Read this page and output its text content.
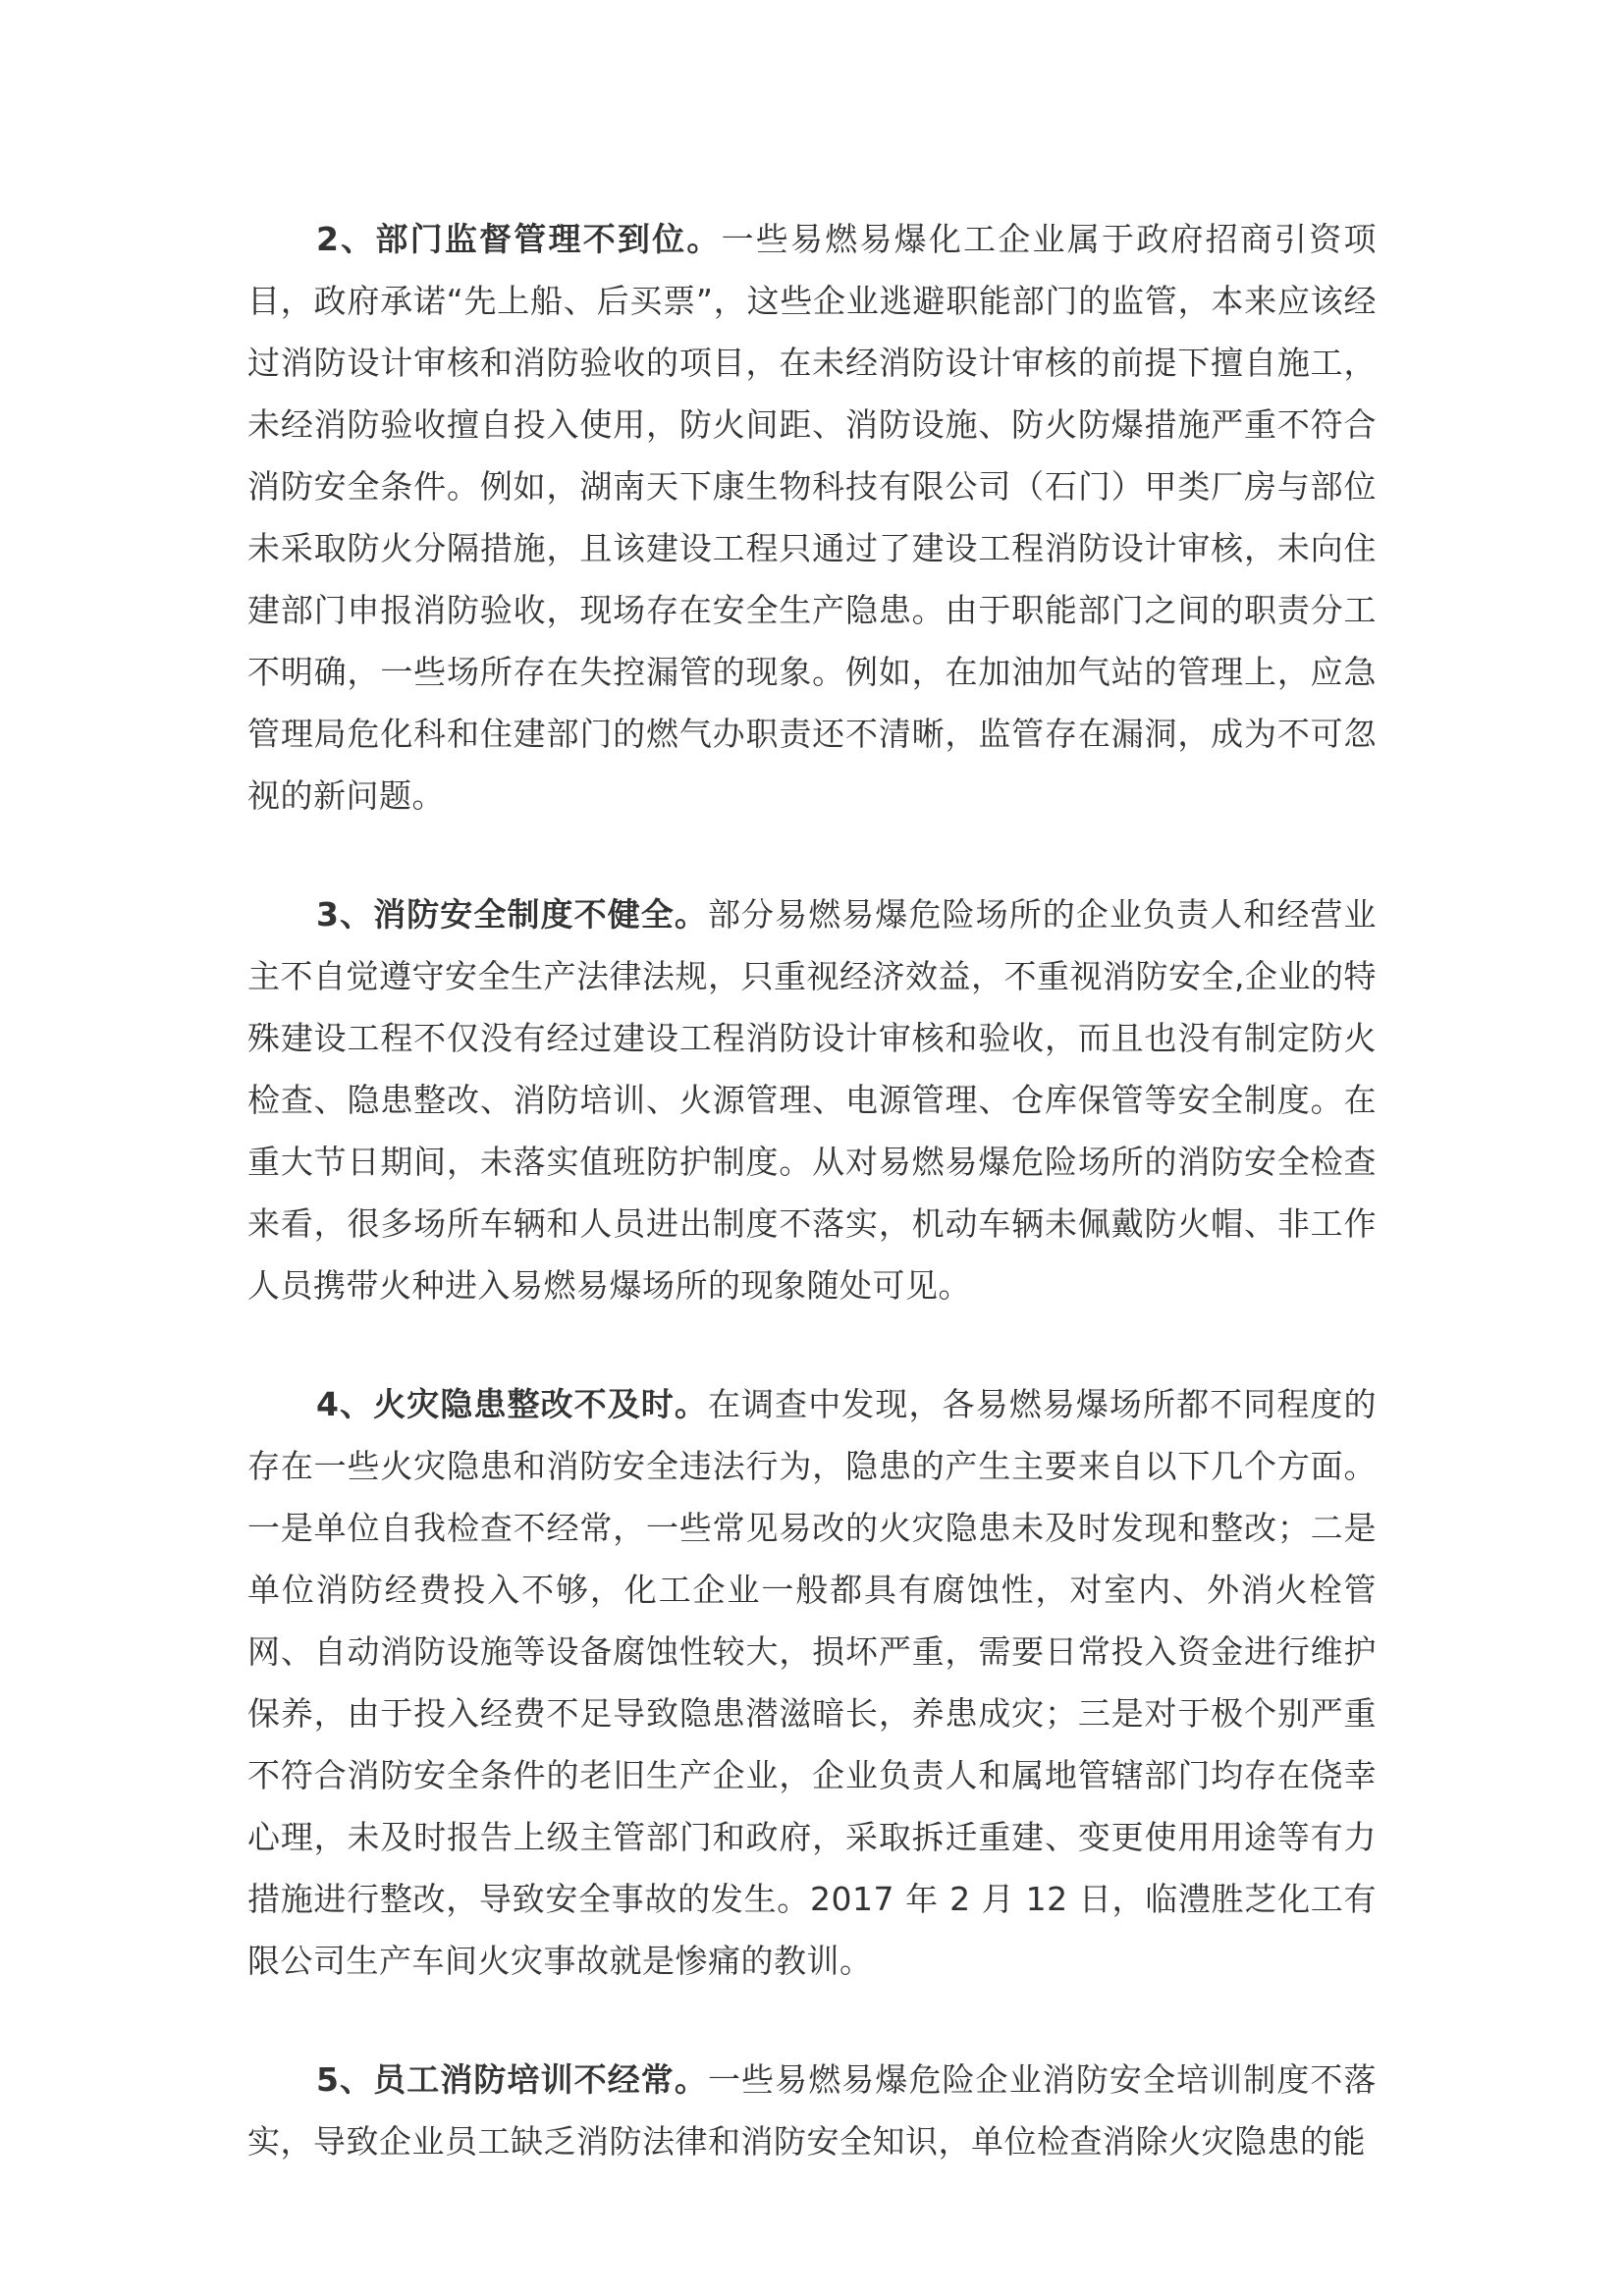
2、部门监督管理不到位。一些易燃易爆化工企业属于政府招商引资项目，政府承诺“先上船、后买票”，这些企业逃避职能部门的监管，本来应该经过消防设计审核和消防验收的项目，在未经消防设计审核的前提下擅自施工，未经消防验收擅自投入使用，防火间距、消防设施、防火防爆措施严重不符合消防安全条件。例如，湖南天下康生物科技有限公司（石门）甲类厂房与部位未采取防火分隔措施，且该建设工程只通过了建设工程消防设计审核，未向住建部门申报消防验收，现场存在安全生产隐患。由于职能部门之间的职责分工不明确，一些场所存在失控漏管的现象。例如，在加油加气站的管理上，应急管理局危化科和住建部门的燃气办职责还不清晰，监管存在漏洞，成为不可忽视的新问题。

3、消防安全制度不健全。部分易燃易爆危险场所的企业负责人和经营业主不自觉遵守安全生产法律法规，只重视经济效益，不重视消防安全,企业的特殊建设工程不仅没有经过建设工程消防设计审核和验收，而且也没有制定防火检查、隐患整改、消防培训、火源管理、电源管理、仓库保管等安全制度。在重大节日期间，未落实值班防护制度。从对易燃易爆危险场所的消防安全检查来看，很多场所车辆和人员进出制度不落实，机动车辆未佩戴防火帽、非工作人员携带火种进入易燃易爆场所的现象随处可见。

4、火灾隐患整改不及时。在调查中发现，各易燃易爆场所都不同程度的存在一些火灾隐患和消防安全违法行为，隐患的产生主要来自以下几个方面。一是单位自我检查不经常，一些常见易改的火灾隐患未及时发现和整改；二是单位消防经费投入不够，化工企业一般都具有腐蚀性，对室内、外消火栓管网、自动消防设施等设备腐蚀性较大，损坏严重，需要日常投入资金进行维护保养，由于投入经费不足导致隐患潜滋暗长，养患成灾；三是对于极个别严重不符合消防安全条件的老旧生产企业，企业负责人和属地管辖部门均存在侥幸心理，未及时报告上级主管部门和政府，采取拆迁重建、变更使用用途等有力措施进行整改，导致安全事故的发生。2017 年 2 月 12 日，临澧胜芝化工有限公司生产车间火灾事故就是惨痛的教训。

5、员工消防培训不经常。一些易燃易爆危险企业消防安全培训制度不落实，导致企业员工缺乏消防法律和消防安全知识，单位检查消除火灾隐患的能
